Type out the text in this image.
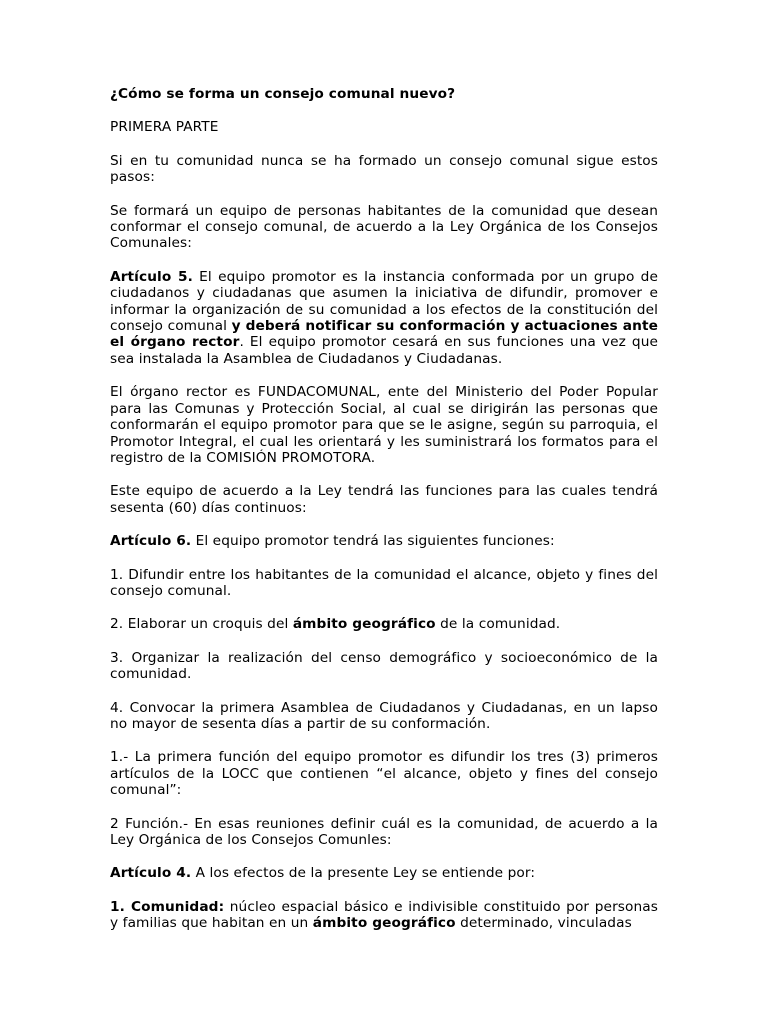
¿Cómo se forma un consejo comunal nuevo?

PRIMERA PARTE

Si en tu comunidad nunca se ha formado un consejo comunal sigue estos pasos:

Se formará un equipo de personas habitantes de la comunidad que desean conformar el consejo comunal, de acuerdo a la Ley Orgánica de los Consejos Comunales:

Artículo 5. El equipo promotor es la instancia conformada por un grupo de ciudadanos y ciudadanas que asumen la iniciativa de difundir, promover e informar la organización de su comunidad a los efectos de la constitución del consejo comunal y deberá notificar su conformación y actuaciones ante el órgano rector. El equipo promotor cesará en sus funciones una vez que sea instalada la Asamblea de Ciudadanos y Ciudadanas.

El órgano rector es FUNDACOMUNAL, ente del Ministerio del Poder Popular para las Comunas y Protección Social, al cual se dirigirán las personas que conformarán el equipo promotor para que se le asigne, según su parroquia, el Promotor Integral, el cual les orientará y les suministrará los formatos para el registro de la COMISIÓN PROMOTORA.

Este equipo de acuerdo a la Ley tendrá las funciones para las cuales tendrá sesenta (60) días continuos:

Artículo 6. El equipo promotor tendrá las siguientes funciones:

1. Difundir entre los habitantes de la comunidad el alcance, objeto y fines del consejo comunal.

2. Elaborar un croquis del ámbito geográfico de la comunidad.

3. Organizar la realización del censo demográfico y socioeconómico de la comunidad.

4. Convocar la primera Asamblea de Ciudadanos y Ciudadanas, en un lapso no mayor de sesenta días a partir de su conformación.

1.- La primera función del equipo promotor es difundir los tres (3) primeros artículos de la LOCC que contienen “el alcance, objeto y fines del consejo comunal”:

2 Función.- En esas reuniones definir cuál es la comunidad, de acuerdo a la Ley Orgánica de los Consejos Comunles:

Artículo 4. A los efectos de la presente Ley se entiende por:

1. Comunidad: núcleo espacial básico e indivisible constituido por personas y familias que habitan en un ámbito geográfico determinado, vinculadas
